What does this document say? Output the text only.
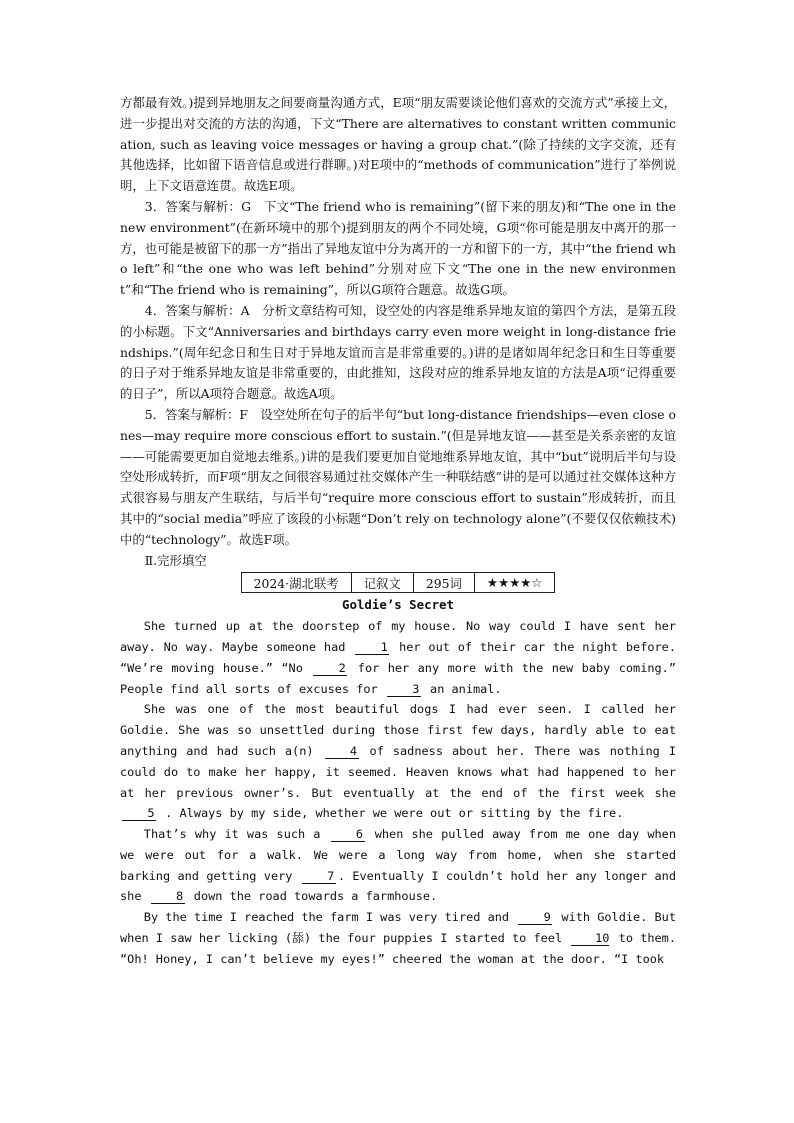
方都最有效。)提到异地朋友之间要商量沟通方式，E项“朋友需要谈论他们喜欢的交流方式”承接上文，进一步提出对交流的方法的沟通，下文“There are alternatives to constant written communication, such as leaving voice messages or having a group chat.”(除了持续的文字交流，还有其他选择，比如留下语音信息或进行群聊。)对E项中的“methods of communication”进行了举例说明，上下文语意连贯。故选E项。

3．答案与解析：G　下文“The friend who is remaining”(留下来的朋友)和“The one in the new environment”(在新环境中的那个)提到朋友的两个不同处境，G项“你可能是朋友中离开的那一方，也可能是被留下的那一方”指出了异地友谊中分为离开的一方和留下的一方，其中“the friend who left”和“the one who was left behind”分别对应下文“The one in the new environment”和“The friend who is remaining”，所以G项符合题意。故选G项。

4．答案与解析：A　分析文章结构可知，设空处的内容是维系异地友谊的第四个方法，是第五段的小标题。下文“Anniversaries and birthdays carry even more weight in long-distance friendships.”(周年纪念日和生日对于异地友谊而言是非常重要的。)讲的是诸如周年纪念日和生日等重要的日子对于维系异地友谊是非常重要的，由此推知，这段对应的维系异地友谊的方法是A项“记得重要的日子”，所以A项符合题意。故选A项。

5．答案与解析：F　设空处所在句子的后半句“but long-distance friendships—even close ones—may require more conscious effort to sustain.”(但是异地友谊——甚至是关系亲密的友谊——可能需要更加自觉地去维系。)讲的是我们要更加自觉地维系异地友谊，其中“but”说明后半句与设空处形成转折，而F项“朋友之间很容易通过社交媒体产生一种联结感”讲的是可以通过社交媒体这种方式很容易与朋友产生联结，与后半句“require more conscious effort to sustain”形成转折，而且其中的“social media”呼应了该段的小标题“Don’t rely on technology alone”(不要仅仅依赖技术)中的“technology”。故选F项。

Ⅱ.完形填空

2024·湖北联考	记叙文	295词	★★★★☆

Goldie’s Secret

She turned up at the doorstep of my house. No way could I have sent her away. No way. Maybe someone had 1 her out of their car the night before. “We’re moving house.” “No 2 for her any more with the new baby coming.” People find all sorts of excuses for 3 an animal.

She was one of the most beautiful dogs I had ever seen. I called her Goldie. She was so unsettled during those first few days, hardly able to eat anything and had such a(n) 4 of sadness about her. There was nothing I could do to make her happy, it seemed. Heaven knows what had happened to her at her previous owner’s. But eventually at the end of the first week she 5 . Always by my side, whether we were out or sitting by the fire.

That’s why it was such a 6 when she pulled away from me one day when we were out for a walk. We were a long way from home, when she started barking and getting very 7 . Eventually I couldn’t hold her any longer and she 8 down the road towards a farmhouse.

By the time I reached the farm I was very tired and 9 with Goldie. But when I saw her licking (舔) the four puppies I started to feel 10 to them. “Oh! Honey, I can’t believe my eyes!” cheered the woman at the door. “I took
